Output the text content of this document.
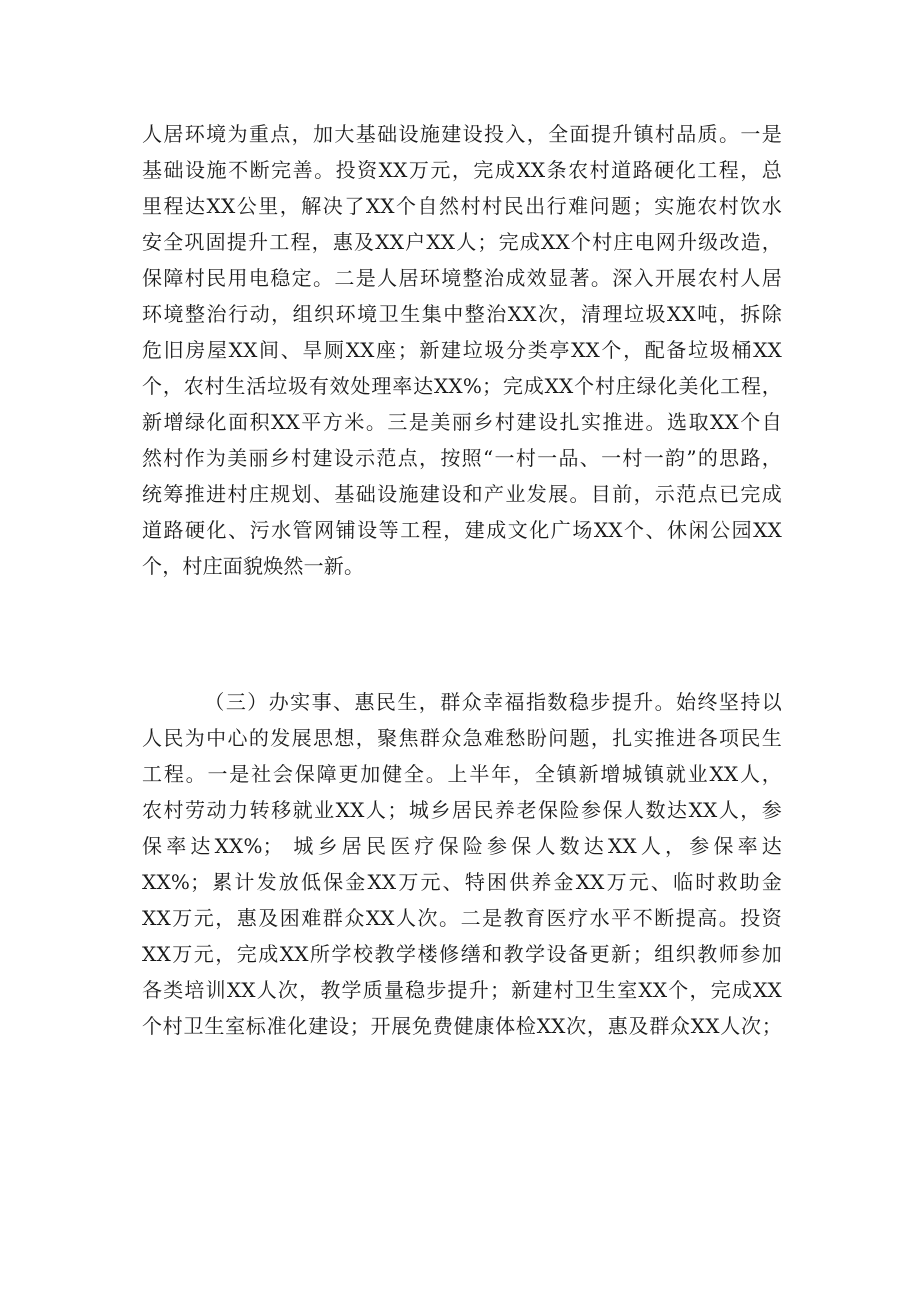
人居环境为重点，加大基础设施建设投入，全面提升镇村品质。一是
基础设施不断完善。投资XX万元，完成XX条农村道路硬化工程，总
里程达XX公里，解决了XX个自然村村民出行难问题；实施农村饮水
安全巩固提升工程，惠及XX户XX人；完成XX个村庄电网升级改造，
保障村民用电稳定。二是人居环境整治成效显著。深入开展农村人居
环境整治行动，组织环境卫生集中整治XX次，清理垃圾XX吨，拆除
危旧房屋XX间、旱厕XX座；新建垃圾分类亭XX个，配备垃圾桶XX
个，农村生活垃圾有效处理率达XX%；完成XX个村庄绿化美化工程，
新增绿化面积XX平方米。三是美丽乡村建设扎实推进。选取XX个自
然村作为美丽乡村建设示范点，按照“一村一品、一村一韵”的思路，
统筹推进村庄规划、基础设施建设和产业发展。目前，示范点已完成
道路硬化、污水管网铺设等工程，建成文化广场XX个、休闲公园XX
个，村庄面貌焕然一新。
（三）办实事、惠民生，群众幸福指数稳步提升。始终坚持以
人民为中心的发展思想，聚焦群众急难愁盼问题，扎实推进各项民生
工程。一是社会保障更加健全。上半年，全镇新增城镇就业XX人，
农村劳动力转移就业XX人；城乡居民养老保险参保人数达XX人，参
保率达XX%； 城乡居民医疗保险参保人数达XX人，参保率达
XX%；累计发放低保金XX万元、特困供养金XX万元、临时救助金
XX万元，惠及困难群众XX人次。二是教育医疗水平不断提高。投资
XX万元，完成XX所学校教学楼修缮和教学设备更新；组织教师参加
各类培训XX人次，教学质量稳步提升；新建村卫生室XX个，完成XX
个村卫生室标准化建设；开展免费健康体检XX次，惠及群众XX人次；
